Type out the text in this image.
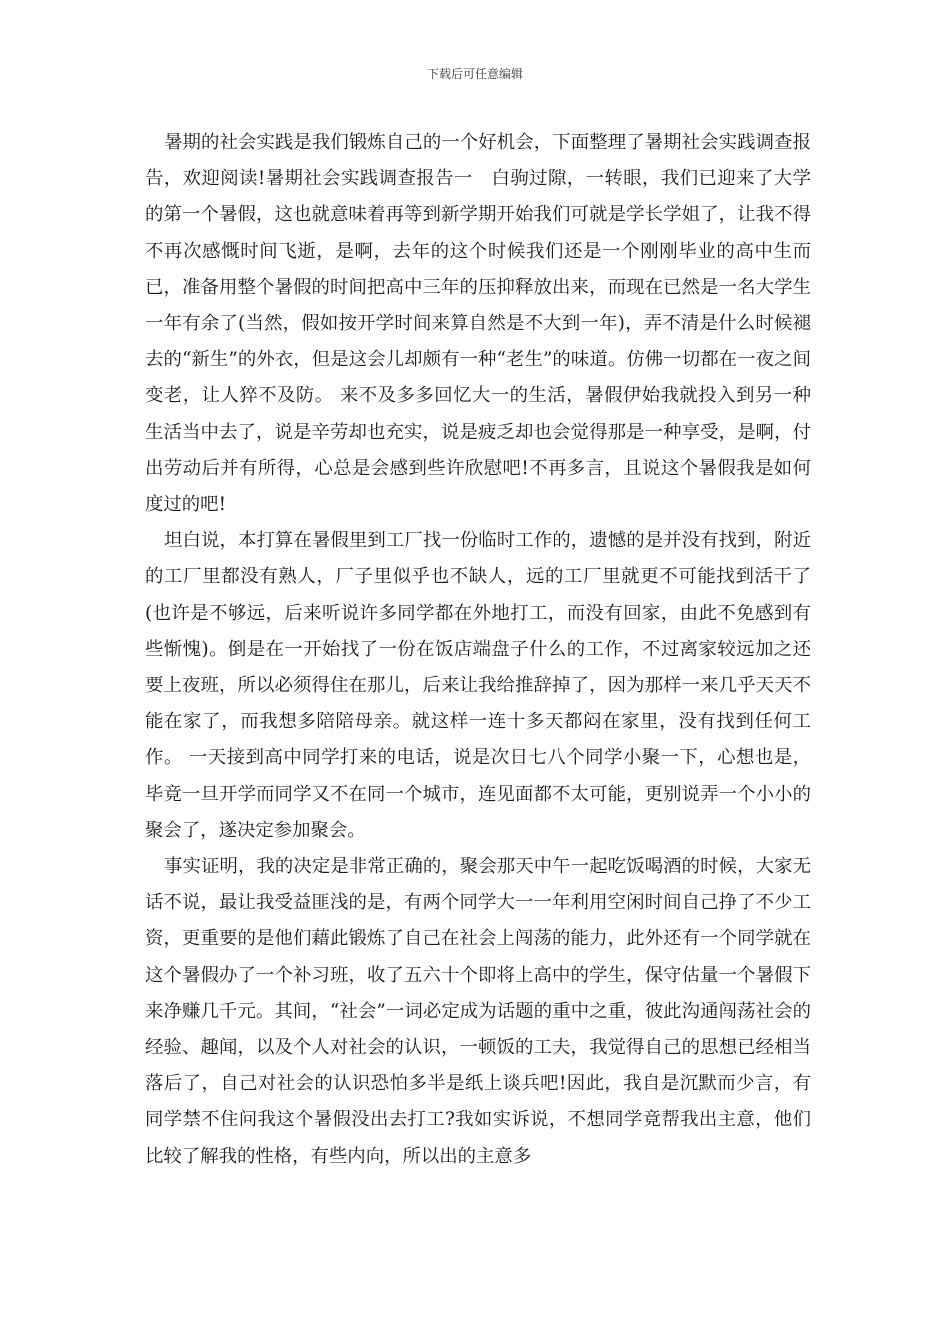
下载后可任意编辑

暑期的社会实践是我们锻炼自己的一个好机会，下面整理了暑期社会实践调查报告，欢迎阅读!暑期社会实践调查报告一　白驹过隙，一转眼，我们已迎来了大学的第一个暑假，这也就意味着再等到新学期开始我们可就是学长学姐了，让我不得不再次感慨时间飞逝，是啊，去年的这个时候我们还是一个刚刚毕业的高中生而已，准备用整个暑假的时间把高中三年的压抑释放出来，而现在已然是一名大学生一年有余了(当然，假如按开学时间来算自然是不大到一年)，弄不清是什么时候褪去的“新生”的外衣，但是这会儿却颇有一种“老生”的味道。仿佛一切都在一夜之间变老，让人猝不及防。 来不及多多回忆大一的生活，暑假伊始我就投入到另一种生活当中去了，说是辛劳却也充实，说是疲乏却也会觉得那是一种享受，是啊，付出劳动后并有所得，心总是会感到些许欣慰吧!不再多言，且说这个暑假我是如何度过的吧!

坦白说，本打算在暑假里到工厂找一份临时工作的，遗憾的是并没有找到，附近的工厂里都没有熟人，厂子里似乎也不缺人，远的工厂里就更不可能找到活干了(也许是不够远，后来听说许多同学都在外地打工，而没有回家，由此不免感到有些惭愧)。倒是在一开始找了一份在饭店端盘子什么的工作，不过离家较远加之还要上夜班，所以必须得住在那儿，后来让我给推辞掉了，因为那样一来几乎天天不能在家了，而我想多陪陪母亲。就这样一连十多天都闷在家里，没有找到任何工作。 一天接到高中同学打来的电话，说是次日七八个同学小聚一下，心想也是，毕竟一旦开学而同学又不在同一个城市，连见面都不太可能，更别说弄一个小小的聚会了，遂决定参加聚会。

事实证明，我的决定是非常正确的，聚会那天中午一起吃饭喝酒的时候，大家无话不说，最让我受益匪浅的是，有两个同学大一一年利用空闲时间自己挣了不少工资，更重要的是他们藉此锻炼了自己在社会上闯荡的能力，此外还有一个同学就在这个暑假办了一个补习班，收了五六十个即将上高中的学生，保守估量一个暑假下来净赚几千元。其间，“社会”一词必定成为话题的重中之重，彼此沟通闯荡社会的经验、趣闻，以及个人对社会的认识，一顿饭的工夫，我觉得自己的思想已经相当落后了，自己对社会的认识恐怕多半是纸上谈兵吧!因此，我自是沉默而少言，有同学禁不住问我这个暑假没出去打工?我如实诉说，不想同学竟帮我出主意，他们比较了解我的性格，有些内向，所以出的主意多
